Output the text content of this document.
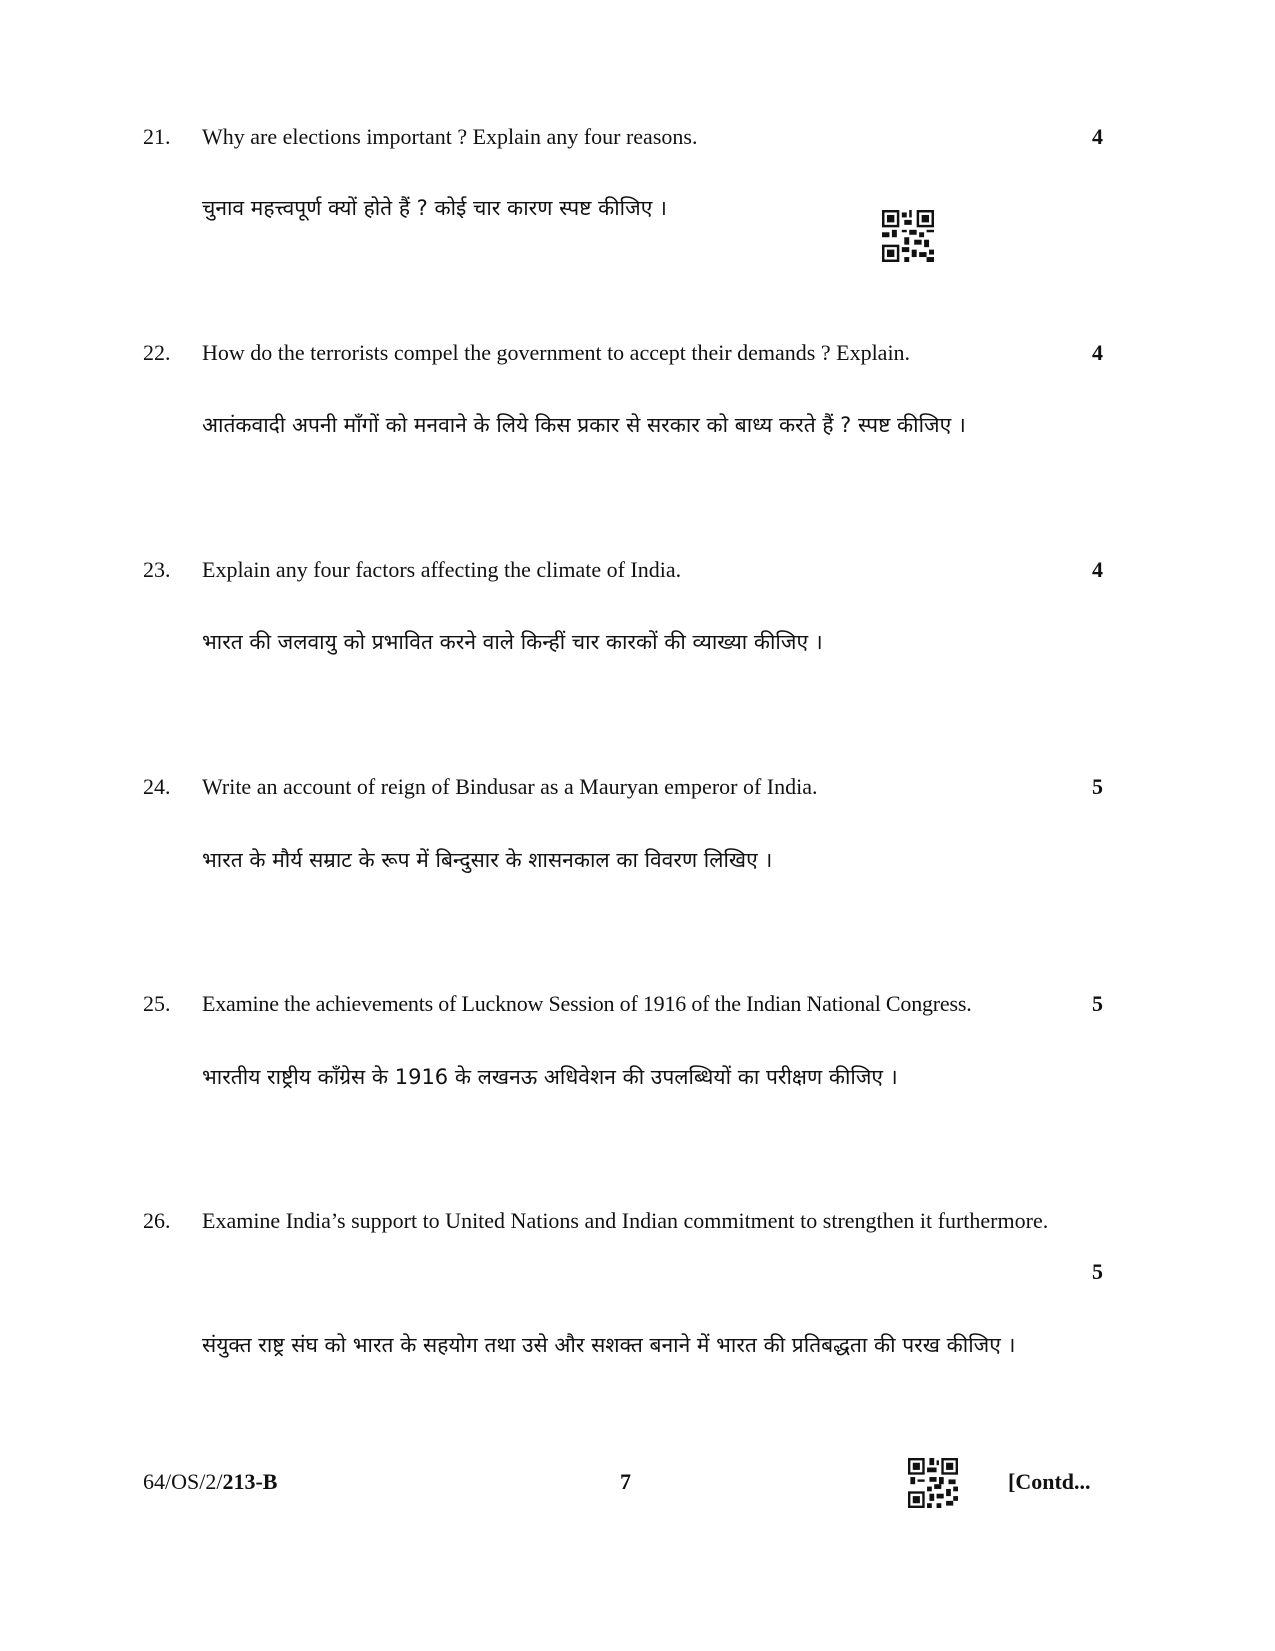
21. Why are elections important ? Explain any four reasons.	4
चुनाव महत्त्वपूर्ण क्यों होते हैं ? कोई चार कारण स्पष्ट कीजिए ।
22. How do the terrorists compel the government to accept their demands ? Explain.	4
आतंकवादी अपनी माँगों को मनवाने के लिये किस प्रकार से सरकार को बाध्य करते हैं ? स्पष्ट कीजिए ।
23. Explain any four factors affecting the climate of India.	4
भारत की जलवायु को प्रभावित करने वाले किन्हीं चार कारकों की व्याख्या कीजिए ।
24. Write an account of reign of Bindusar as a Mauryan emperor of India.	5
भारत के मौर्य सम्राट के रूप में बिन्दुसार के शासनकाल का विवरण लिखिए ।
25. Examine the achievements of Lucknow Session of 1916 of the Indian National Congress.	5
भारतीय राष्ट्रीय काँग्रेस के 1916 के लखनऊ अधिवेशन की उपलब्धियों का परीक्षण कीजिए ।
26. Examine India’s support to United Nations and Indian commitment to strengthen it furthermore.
5
संयुक्त राष्ट्र संघ को भारत के सहयोग तथा उसे और सशक्त बनाने में भारत की प्रतिबद्धता की परख कीजिए ।
64/OS/2/213-B	7	[Contd...
